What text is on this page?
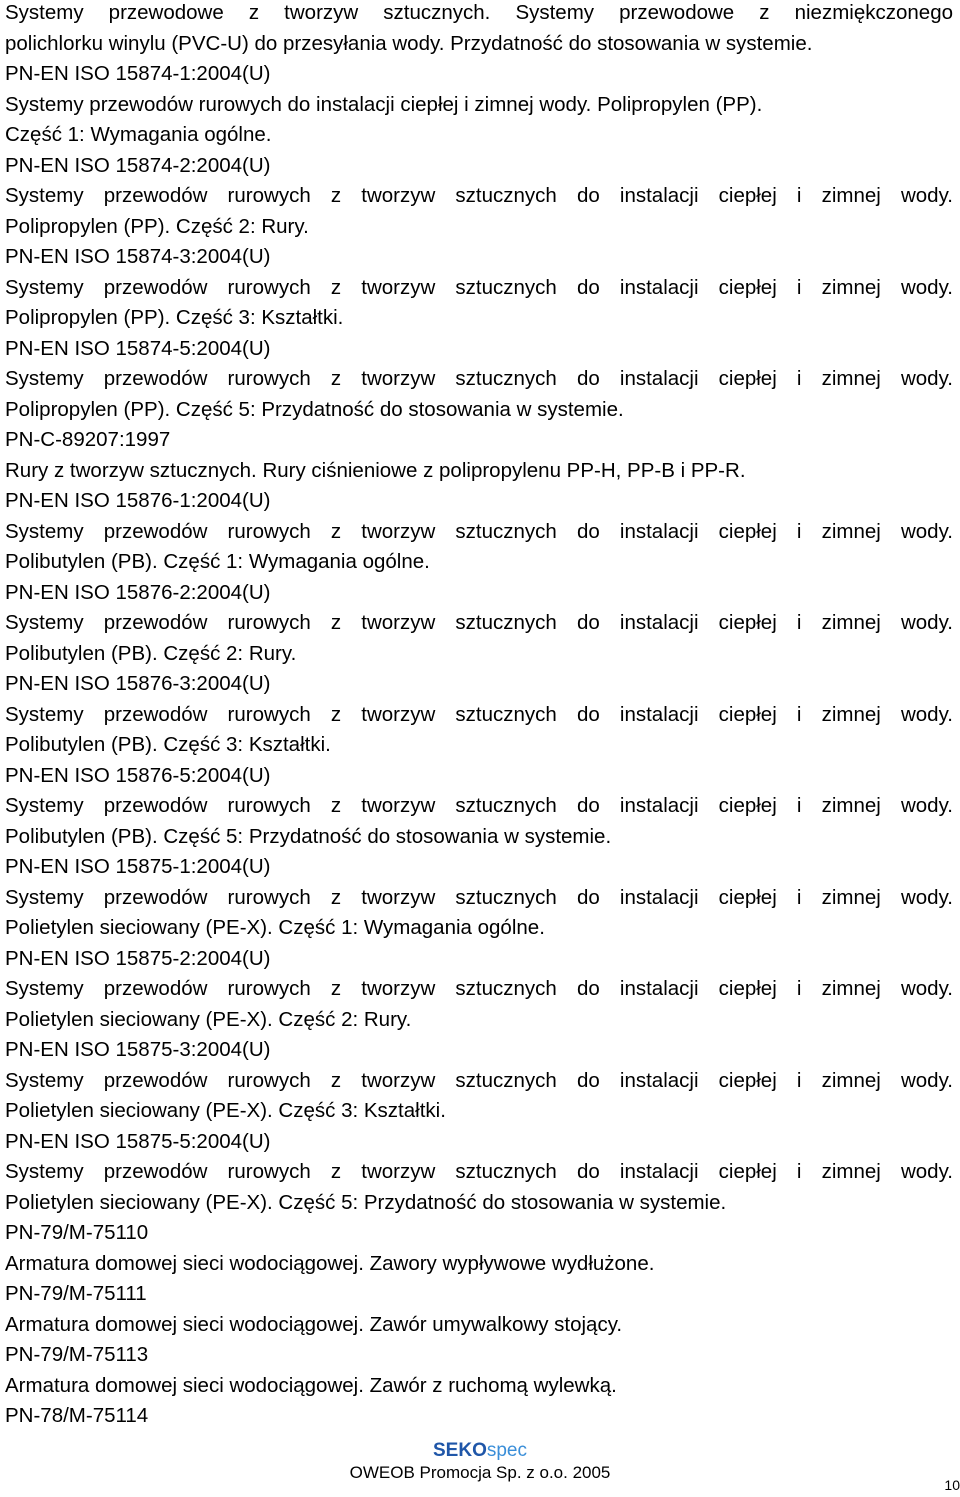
Systemy przewodowe z tworzyw sztucznych. Systemy przewodowe z niezmiękczonego
polichlorku winylu (PVC-U) do przesyłania wody. Przydatność do stosowania w systemie.
PN-EN ISO 15874-1:2004(U)
Systemy przewodów rurowych do instalacji ciepłej i zimnej wody. Polipropylen (PP).
Część 1: Wymagania ogólne.
PN-EN ISO 15874-2:2004(U)
Systemy przewodów rurowych z tworzyw sztucznych do instalacji ciepłej i zimnej wody.
Polipropylen (PP). Część 2: Rury.
PN-EN ISO 15874-3:2004(U)
Systemy przewodów rurowych z tworzyw sztucznych do instalacji ciepłej i zimnej wody.
Polipropylen (PP). Część 3: Kształtki.
PN-EN ISO 15874-5:2004(U)
Systemy przewodów rurowych z tworzyw sztucznych do instalacji ciepłej i zimnej wody.
Polipropylen (PP). Część 5: Przydatność do stosowania w systemie.
PN-C-89207:1997
Rury z tworzyw sztucznych. Rury ciśnieniowe z polipropylenu PP-H, PP-B i PP-R.
PN-EN ISO 15876-1:2004(U)
Systemy przewodów rurowych z tworzyw sztucznych do instalacji ciepłej i zimnej wody.
Polibutylen (PB). Część 1: Wymagania ogólne.
PN-EN ISO 15876-2:2004(U)
Systemy przewodów rurowych z tworzyw sztucznych do instalacji ciepłej i zimnej wody.
Polibutylen (PB). Część 2: Rury.
PN-EN ISO 15876-3:2004(U)
Systemy przewodów rurowych z tworzyw sztucznych do instalacji ciepłej i zimnej wody.
Polibutylen (PB). Część 3: Kształtki.
PN-EN ISO 15876-5:2004(U)
Systemy przewodów rurowych z tworzyw sztucznych do instalacji ciepłej i zimnej wody.
Polibutylen (PB). Część 5: Przydatność do stosowania w systemie.
PN-EN ISO 15875-1:2004(U)
Systemy przewodów rurowych z tworzyw sztucznych do instalacji ciepłej i zimnej wody.
Polietylen sieciowany (PE-X). Część 1: Wymagania ogólne.
PN-EN ISO 15875-2:2004(U)
Systemy przewodów rurowych z tworzyw sztucznych do instalacji ciepłej i zimnej wody.
Polietylen sieciowany (PE-X). Część 2: Rury.
PN-EN ISO 15875-3:2004(U)
Systemy przewodów rurowych z tworzyw sztucznych do instalacji ciepłej i zimnej wody.
Polietylen sieciowany (PE-X). Część 3: Kształtki.
PN-EN ISO 15875-5:2004(U)
Systemy przewodów rurowych z tworzyw sztucznych do instalacji ciepłej i zimnej wody.
Polietylen sieciowany (PE-X). Część 5: Przydatność do stosowania w systemie.
PN-79/M-75110
Armatura domowej sieci wodociągowej. Zawory wypływowe wydłużone.
PN-79/M-75111
Armatura domowej sieci wodociągowej. Zawór umywalkowy stojący.
PN-79/M-75113
Armatura domowej sieci wodociągowej. Zawór z ruchomą wylewką.
PN-78/M-75114
SEKOspec
OWEOB Promocja Sp. z o.o. 2005
10
